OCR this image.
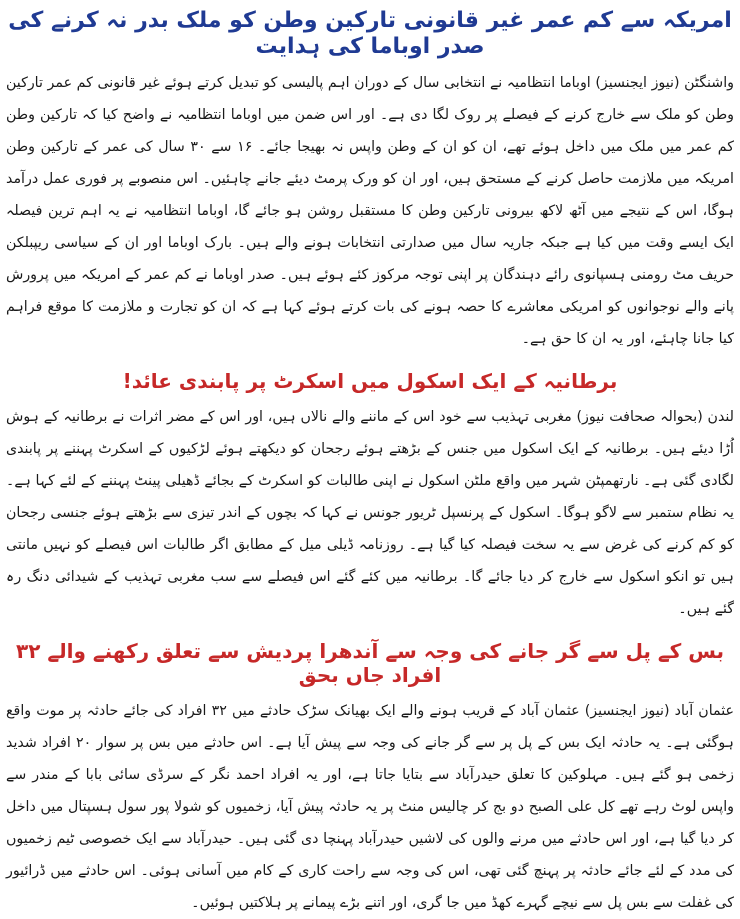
امریکہ سے کم عمر غیر قانونی تارکین وطن کو ملک بدر نہ کرنے کی صدر اوباما کی ہدایت

واشنگٹن (نیوز ایجنسیز) اوباما انتظامیہ نے انتخابی سال کے دوران اہم پالیسی کو تبدیل کرتے ہوئے غیر قانونی کم عمر تارکین وطن کو ملک سے خارج کرنے کے فیصلے پر روک لگا دی ہے۔ اور اس ضمن میں اوباما انتظامیہ نے واضح کیا کہ تارکین وطن کم عمر میں ملک میں داخل ہوئے تھے، ان کو ان کے وطن واپس نہ بھیجا جائے۔ ۱۶ سے ۳۰ سال کی عمر کے تارکین وطن امریکہ میں ملازمت حاصل کرنے کے مستحق ہیں، اور ان کو ورک پرمٹ دیئے جانے چاہئیں۔ اس منصوبے پر فوری عمل درآمد ہوگا، اس کے نتیجے میں آٹھ لاکھ بیرونی تارکین وطن کا مستقبل روشن ہو جائے گا، اوباما انتظامیہ نے یہ اہم ترین فیصلہ ایک ایسے وقت میں کیا ہے جبکہ جاریہ سال میں صدارتی انتخابات ہونے والے ہیں۔ بارک اوباما اور ان کے سیاسی ریپبلکن حریف مٹ رومنی ہسپانوی رائے دہندگان پر اپنی توجہ مرکوز کئے ہوئے ہیں۔ صدر اوباما نے کم عمر کے امریکہ میں پرورش پانے والے نوجوانوں کو امریکی معاشرے کا حصہ ہونے کی بات کرتے ہوئے کہا ہے کہ ان کو تجارت و ملازمت کا موقع فراہم کیا جانا چاہئے، اور یہ ان کا حق ہے۔

برطانیہ کے ایک اسکول میں اسکرٹ پر پابندی عائد!

لندن (بحوالہ صحافت نیوز) مغربی تہذیب سے خود اس کے ماننے والے نالاں ہیں، اور اس کے مضر اثرات نے برطانیہ کے ہوش اُڑا دیئے ہیں۔ برطانیہ کے ایک اسکول میں جنس کے بڑھتے ہوئے رجحان کو دیکھتے ہوئے لڑکیوں کے اسکرٹ پہننے پر پابندی لگادی گئی ہے۔ نارتھمپٹن شہر میں واقع ملٹن اسکول نے اپنی طالبات کو اسکرٹ کے بجائے ڈھیلی پینٹ پہننے کے لئے کہا ہے۔ یہ نظام ستمبر سے لاگو ہوگا۔ اسکول کے پرنسپل ٹریور جونس نے کہا کہ بچوں کے اندر تیزی سے بڑھتے ہوئے جنسی رجحان کو کم کرنے کی غرض سے یہ سخت فیصلہ کیا گیا ہے۔ روزنامہ ڈیلی میل کے مطابق اگر طالبات اس فیصلے کو نہیں مانتی ہیں تو انکو اسکول سے خارج کر دیا جائے گا۔ برطانیہ میں کئے گئے اس فیصلے سے سب مغربی تہذیب کے شیدائی دنگ رہ گئے ہیں۔

بس کے پل سے گر جانے کی وجہ سے آندھرا پردیش سے تعلق رکھنے والے ۳۲ افراد جاں بحق

عثمان آباد (نیوز ایجنسیز) عثمان آباد کے قریب ہونے والے ایک بھیانک سڑک حادثے میں ۳۲ افراد کی جائے حادثہ پر موت واقع ہوگئی ہے۔ یہ حادثہ ایک بس کے پل پر سے گر جانے کی وجہ سے پیش آیا ہے۔ اس حادثے میں بس پر سوار ۲۰ افراد شدید زخمی ہو گئے ہیں۔ مہلوکین کا تعلق حیدرآباد سے بتایا جاتا ہے، اور یہ افراد احمد نگر کے سرڈی سائی بابا کے مندر سے واپس لوٹ رہے تھے کل علی الصبح دو بج کر چالیس منٹ پر یہ حادثہ پیش آیا، زخمیوں کو شولا پور سول ہسپتال میں داخل کر دیا گیا ہے، اور اس حادثے میں مرنے والوں کی لاشیں حیدرآباد پہنچا دی گئی ہیں۔ حیدرآباد سے ایک خصوصی ٹیم زخمیوں کی مدد کے لئے جائے حادثہ پر پہنچ گئی تھی، اس کی وجہ سے راحت کاری کے کام میں آسانی ہوئی۔ اس حادثے میں ڈرائیور کی غفلت سے بس پل سے نیچے گہرے کھڈ میں جا گری، اور اتنے بڑے پیمانے پر ہلاکتیں ہوئیں۔
